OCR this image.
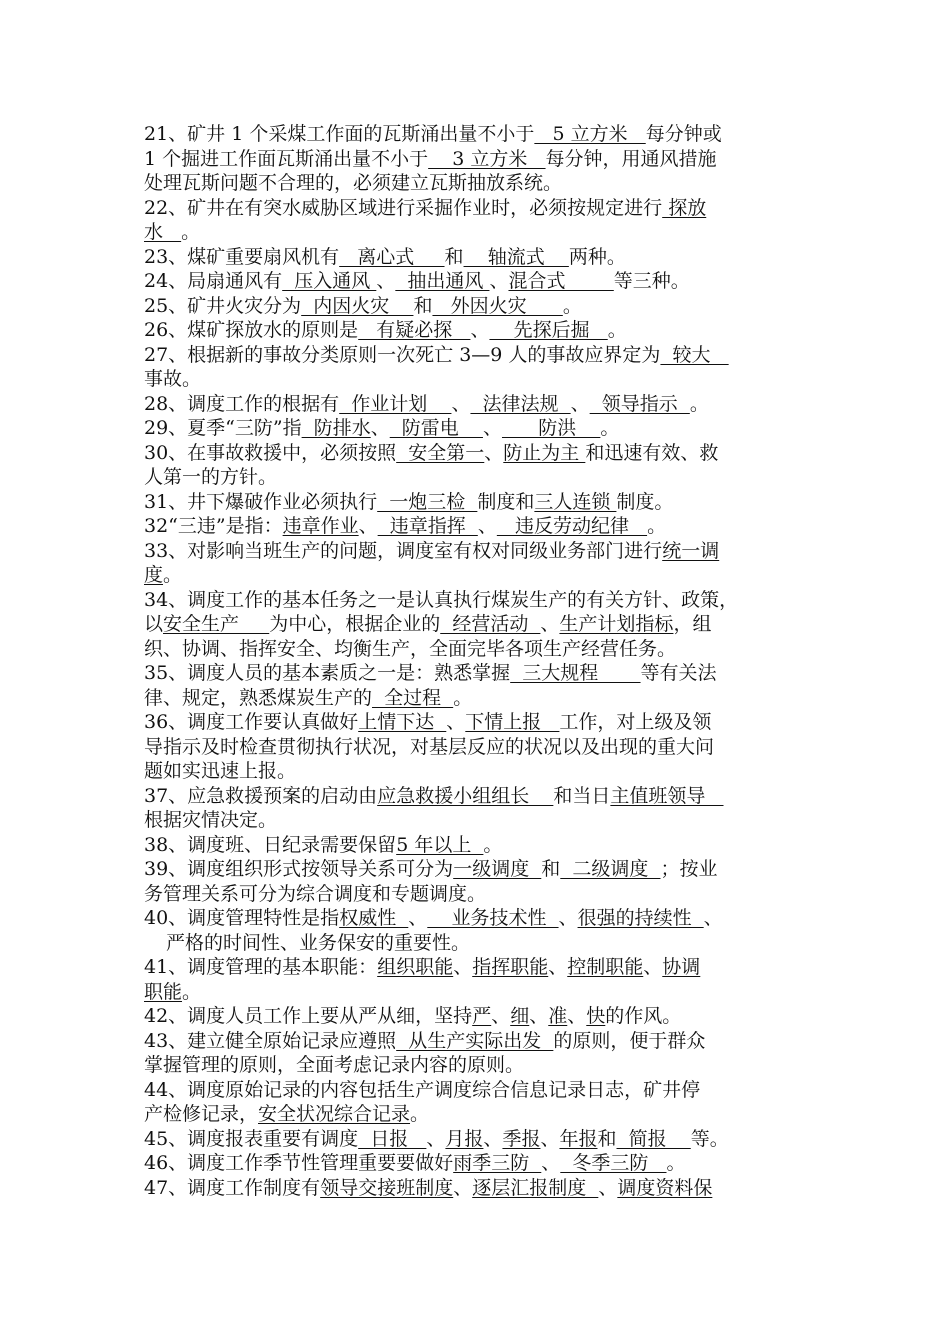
21、矿井 1 个采煤工作面的瓦斯涌出量不小于   5 立方米   每分钟或
1 个掘进工作面瓦斯涌出量不小于    3 立方米   每分钟，用通风措施
处理瓦斯问题不合理的，必须建立瓦斯抽放系统。
22、矿井在有突水威胁区域进行采掘作业时，必须按规定进行 探放
水   。
23、煤矿重要扇风机有   离心式     和    轴流式    两种。
24、局扇通风有  压入通风 、  抽出通风 、混合式        等三种。
25、矿井火灾分为  内因火灾    和   外因火灾      。
26、煤矿探放水的原则是   有疑必探   、    先探后掘   。
27、根据新的事故分类原则一次死亡 3—9 人的事故应界定为  较大
事故。
28、调度工作的根据有  作业计划    、  法律法规  、  领导指示  。
29、夏季“三防”指  防排水、  防雷电    、      防洪    。
30、在事故救援中，必须按照  安全第一、防止为主 和迅速有效、救
人第一的方针。
31、井下爆破作业必须执行  一炮三检  制度和三人连锁 制度。
32“三违”是指：违章作业、  违章指挥  、   违反劳动纪律   。
33、对影响当班生产的问题，调度室有权对同级业务部门进行统一调
度。
34、调度工作的基本任务之一是认真执行煤炭生产的有关方针、政策，
以安全生产     为中心，根据企业的  经营活动  、生产计划指标，组
织、协调、指挥安全、均衡生产，全面完毕各项生产经营任务。
35、调度人员的基本素质之一是：熟悉掌握  三大规程       等有关法
律、规定，熟悉煤炭生产的  全过程  。
36、调度工作要认真做好上情下达  、下情上报   工作，对上级及领
导指示及时检查贯彻执行状况，对基层反应的状况以及出现的重大问
题如实迅速上报。
37、应急救援预案的启动由应急救援小组组长    和当日主值班领导
根据灾情决定。
38、调度班、日纪录需要保留5 年以上  。
39、调度组织形式按领导关系可分为一级调度  和  二级调度  ；按业
务管理关系可分为综合调度和专题调度。
40、调度管理特性是指权威性  、    业务技术性  、很强的持续性  、
严格的时间性、业务保安的重要性。
41、调度管理的基本职能：组织职能、指挥职能、控制职能、协调
职能。
42、调度人员工作上要从严从细，坚持严、细、准、快的作风。
43、建立健全原始记录应遵照  从生产实际出发  的原则，便于群众
掌握管理的原则，全面考虑记录内容的原则。
44、调度原始记录的内容包括生产调度综合信息记录日志，矿井停
产检修记录，安全状况综合记录。
45、调度报表重要有调度  日报   、月报、季报、年报和  简报    等。
46、调度工作季节性管理重要要做好雨季三防  、  冬季三防   。
47、调度工作制度有领导交接班制度、逐层汇报制度  、调度资料保
